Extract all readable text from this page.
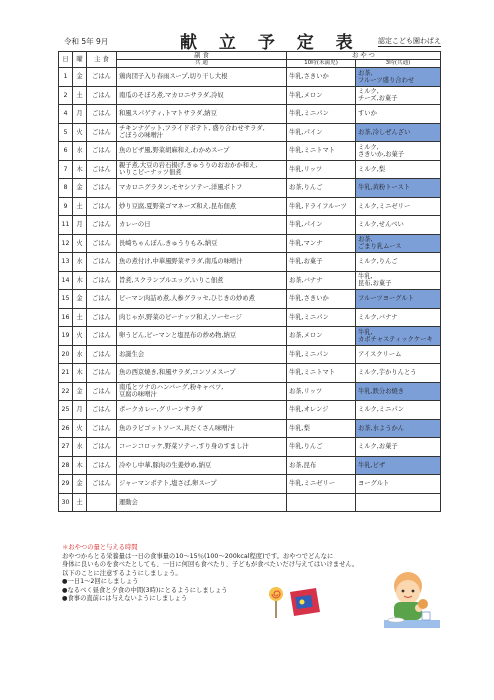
令和 5年 9月	献 立 予 定 表 認定こども園わぱえ
日	曜	主 食	副 食	お や つ	
			共 通	10時(未満児)	3時(共通)
1	金	ごはん	鶏肉団子入り春雨スープ,切り干し大根	牛乳,さきいか	お茶,
フルーツ盛り合わせ
2	土	ごはん	南瓜のそぼろ煮,マカロニサラダ,冷奴	牛乳,メロン	ミルク,
チーズ,お菓子
4	月	ごはん	和風スパゲティ,トマトサラダ,納豆	牛乳,ミニパン	すいか
5	火	ごはん	チキンナゲット,フライドポテト, 盛り合わせサラダ,
ごぼうの味噌汁	牛乳,パイン	お茶,冷しぜんざい
6	水	ごはん	魚のピザ風,野菜胡麻和え,わかめスープ	牛乳,ミニトマト	ミルク,
さきいか,お菓子
7	木	ごはん	親子煮,大豆の岩石揚げ,きゅうりのおおかか和え,
いりこピーナッツ佃煮	牛乳,リッツ	ミルク,梨
8	金	ごはん	マカロニグラタン,モヤシソテー,洋風ポトフ	お茶,りんご	牛乳,黄粉トースト
9	土	ごはん	炒り豆腐,夏野菜ゴマネーズ和え,昆布佃煮	牛乳,ドライフルーツ	ミルク,ミニゼリー
11	月	ごはん	カレーの日	牛乳,パイン	ミルク,せんべい
12	火	ごはん	長崎ちゃんぽん,きゅうりもみ,納豆	牛乳,マンナ	お茶,
ごまり乳ムース
13	水	ごはん	魚の煮付け,中華風野菜サラダ,南瓜の味噌汁	牛乳,お菓子	ミルク,りんご
14	木	ごはん	旨煮,スクランブルエッグ,いりこ佃煮	お茶,バナナ	牛乳,
昆布,お菓子
15	金	ごはん	ピーマン肉詰め煮,人参グラッセ,ひじきの炒め煮	牛乳,さきいか	フルーツヨーグルト
16	土	ごはん	肉じゃが,野菜のピーナッツ和え,ソーセージ	牛乳,ミニパン	ミルク,バナナ
19	火	ごはん	卵うどん,ピーマンと塩昆布の炒め物,納豆	お茶,メロン	牛乳,
カボチャスティックケーキ
20	水	ごはん	お誕生会	牛乳,ミニパン	アイスクリーム
21	木	ごはん	魚の西京焼き,和風サラダ,コンソメスープ	牛乳,ミニトマト	ミルク,芋かりんとう
22	金	ごはん	南瓜とツナのハンバーグ,粉キャベツ,
豆腐の味噌汁	お茶,リッツ	牛乳,鉄分お焼き
25	月	ごはん	ポークカレー,グリーンサラダ	牛乳,オレンジ	ミルク,ミニパン
26	火	ごはん	魚のラビゴットソース,具だくさん味噌汁	牛乳,梨	お茶,水ようかん
27	水	ごはん	コーンコロッケ,野菜ソテー,すり身のすまし汁	牛乳,りんご	ミルク,お菓子
28	木	ごはん	冷やし中華,豚肉の生姜炒め,納豆	お茶,昆布	牛乳,ピザ
29	金	ごはん	ジャーマンポテト,塩さば,卵スープ	牛乳,ミニゼリー	ヨーグルト
30	土		運動会		
＊おやつの量と与える時間
おやつからとる栄養量は一日の食事量の10～15％(100～200kcal程度)です。おやつでどんなに
身体に良いものを食べたとしても、一日に何回も食べたり、子どもが食べたいだけ与えてはいけません。
以下のことに注意するようにしましょう。
●一日1～2回にしましょう
●なるべく昼食と夕食の中間(3時)にとるようにしましょう
●食事の直前には与えないようにしましょう
